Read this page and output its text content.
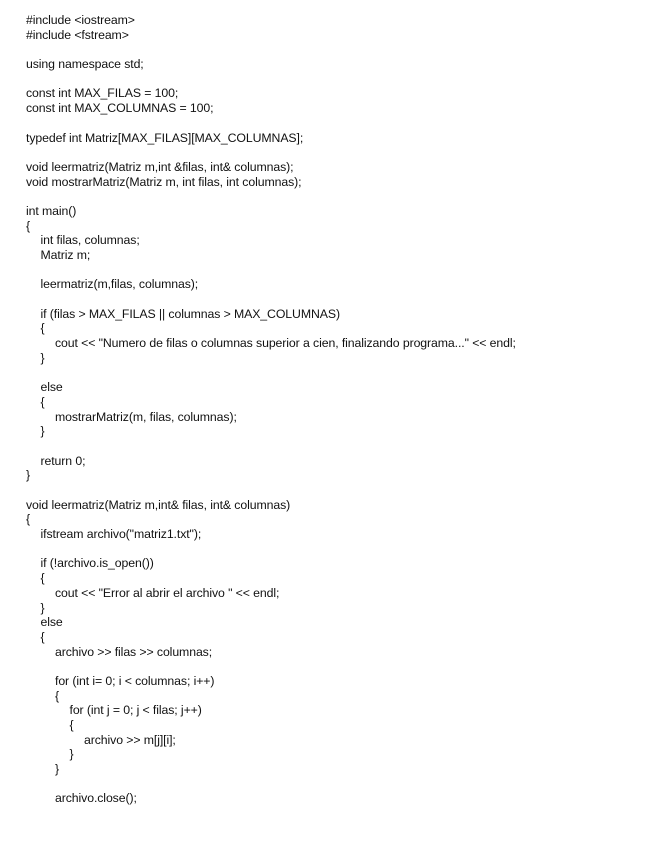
#include <iostream>
#include <fstream>
using namespace std;
const int MAX_FILAS = 100;
const int MAX_COLUMNAS = 100;
typedef int Matriz[MAX_FILAS][MAX_COLUMNAS];
void leermatriz(Matriz m,int &filas, int& columnas);
void mostrarMatriz(Matriz m, int filas, int columnas);
int main()
{
int filas, columnas;
Matriz m;
leermatriz(m,filas, columnas);
if (filas > MAX_FILAS || columnas > MAX_COLUMNAS)
{
cout << "Numero de filas o columnas superior a cien, finalizando programa..." << endl;
}
else
{
mostrarMatriz(m, filas, columnas);
}
return 0;
}
void leermatriz(Matriz m,int& filas, int& columnas)
{
ifstream archivo("matriz1.txt");
if (!archivo.is_open())
{
cout << "Error al abrir el archivo " << endl;
}
else
{
archivo >> filas >> columnas;
for (int i= 0; i < columnas; i++)
{
for (int j = 0; j < filas; j++)
{
archivo >> m[j][i];
}
}
archivo.close();
